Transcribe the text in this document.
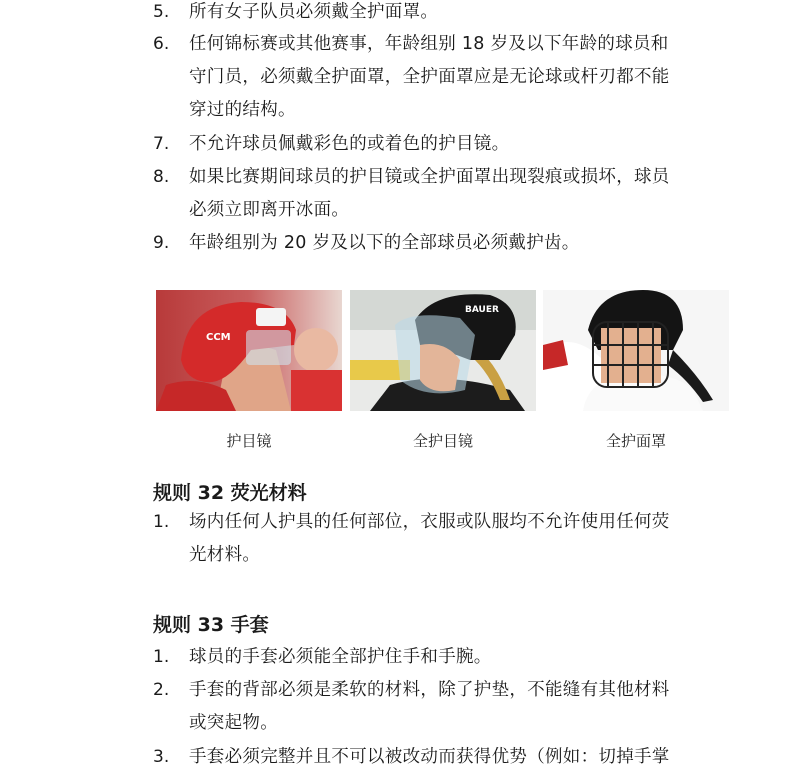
5. 所有女子队员必须戴全护面罩。
6. 任何锦标赛或其他赛事，年龄组别 18 岁及以下年龄的球员和
守门员，必须戴全护面罩，全护面罩应是无论球或杆刃都不能
穿过的结构。
7. 不允许球员佩戴彩色的或着色的护目镜。
8. 如果比赛期间球员的护目镜或全护面罩出现裂痕或损坏，球员
必须立即离开冰面。
9. 年龄组别为 20 岁及以下的全部球员必须戴护齿。
CCM
护目镜
BAUER
全护目镜	全护面罩
规则 32 荧光材料
1. 场内任何人护具的任何部位，衣服或队服均不允许使用任何荧
光材料。
规则 33 手套
1. 球员的手套必须能全部护住手和手腕。
2. 手套的背部必须是柔软的材料，除了护垫，不能缝有其他材料
或突起物。
3. 手套必须完整并且不可以被改动而获得优势（例如：切掉手掌
